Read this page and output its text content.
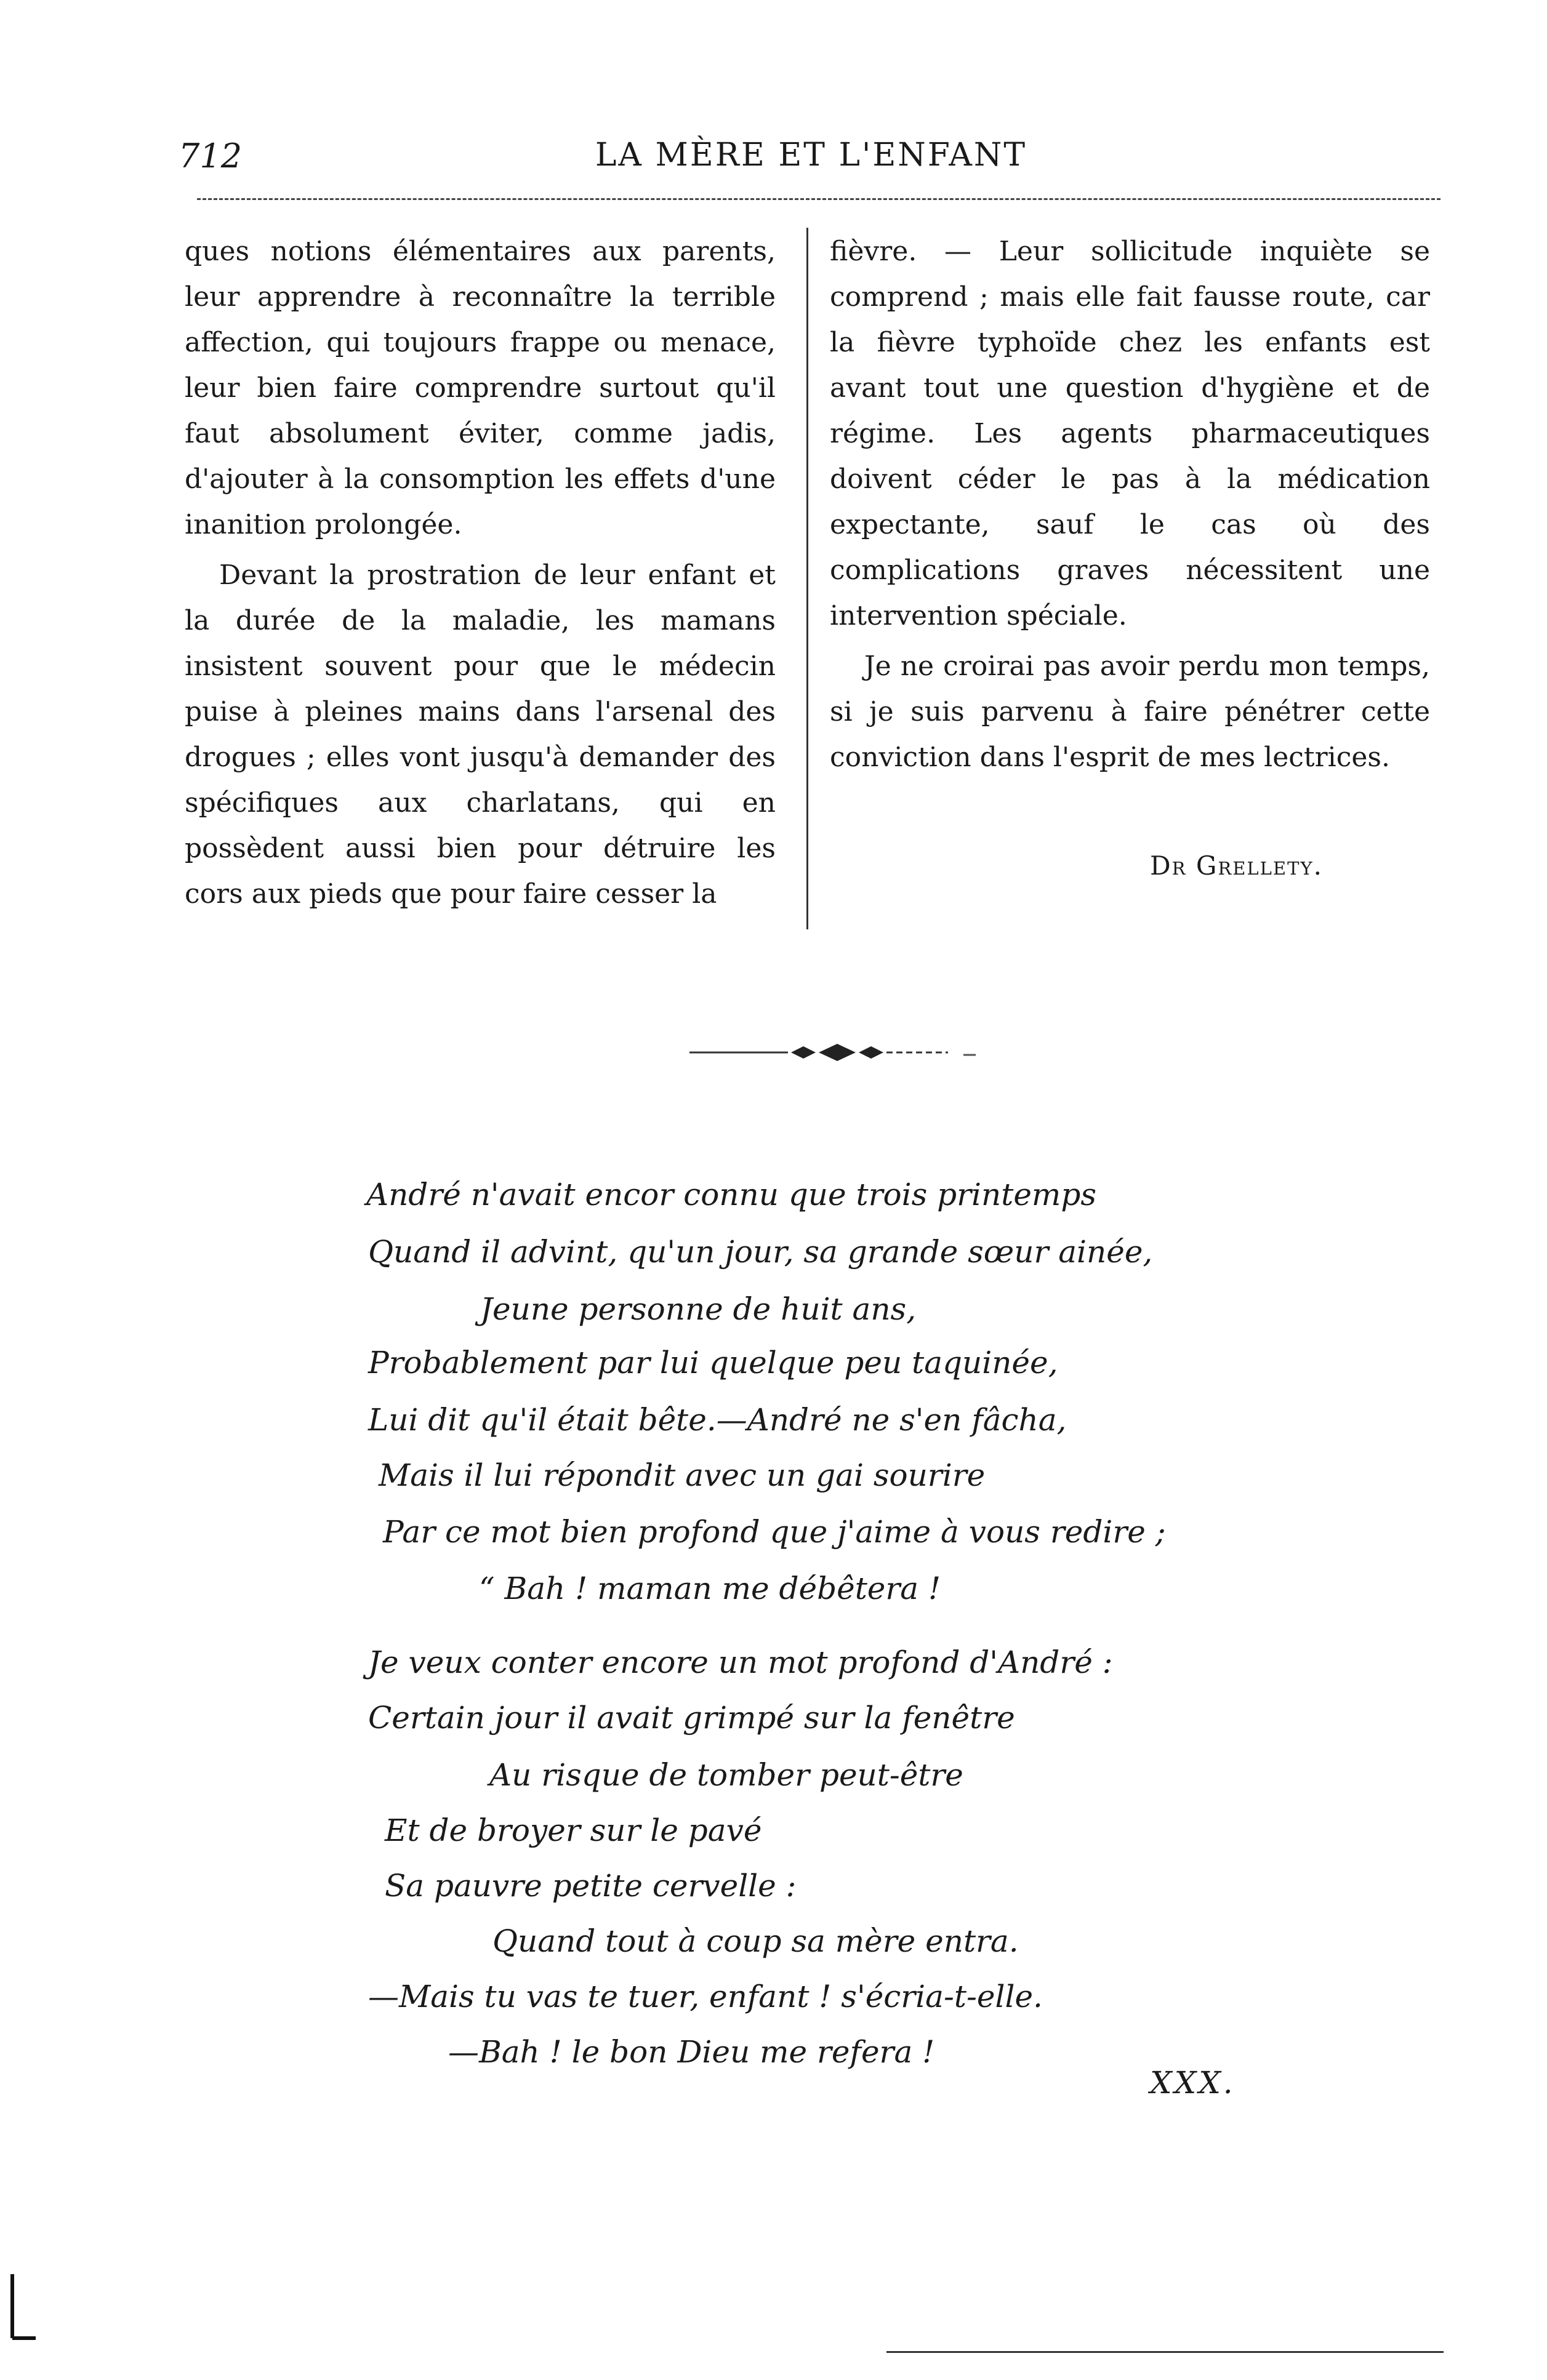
712	LA MÈRE ET L'ENFANT

ques notions élémentaires aux parents, leur apprendre à reconnaître la terrible affection, qui toujours frappe ou menace, leur bien faire comprendre surtout qu'il faut absolument éviter, comme jadis, d'ajouter à la consomption les effets d'une inanition prolongée.

Devant la prostration de leur enfant et la durée de la maladie, les mamans insistent souvent pour que le médecin puise à pleines mains dans l'arsenal des drogues ; elles vont jusqu'à demander des spécifiques aux charlatans, qui en possèdent aussi bien pour détruire les cors aux pieds que pour faire cesser la

fièvre. — Leur sollicitude inquiète se comprend ; mais elle fait fausse route, car la fièvre typhoïde chez les enfants est avant tout une question d'hygiène et de régime. Les agents pharmaceutiques doivent céder le pas à la médication expectante, sauf le cas où des complications graves nécessitent une intervention spéciale.

Je ne croirai pas avoir perdu mon temps, si je suis parvenu à faire pénétrer cette conviction dans l'esprit de mes lectrices.

Dr Grellety.
André n'avait encor connu que trois printemps
Quand il advint, qu'un jour, sa grande sœur ainée,
Jeune personne de huit ans,
Probablement par lui quelque peu taquinée,
Lui dit qu'il était bête.—André ne s'en fâcha,
Mais il lui répondit avec un gai sourire
Par ce mot bien profond que j'aime à vous redire ;
“ Bah ! maman me débêtera !
Je veux conter encore un mot profond d'André :
Certain jour il avait grimpé sur la fenêtre
Au risque de tomber peut-être
Et de broyer sur le pavé
Sa pauvre petite cervelle :
Quand tout à coup sa mère entra.
—Mais tu vas te tuer, enfant ! s'écria-t-elle.
—Bah ! le bon Dieu me refera !
XXX.
